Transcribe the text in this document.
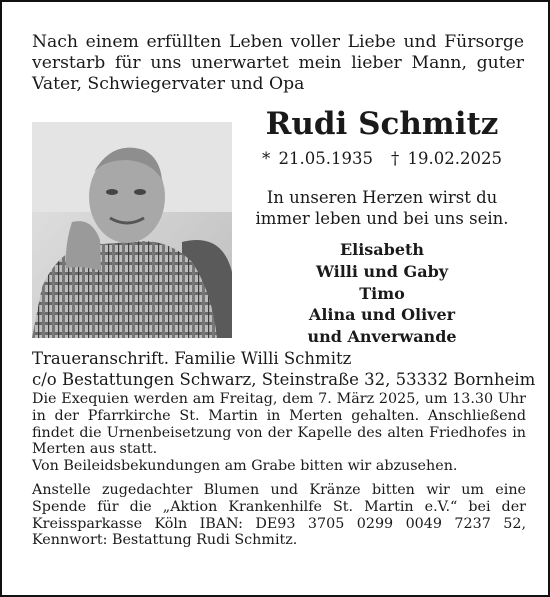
Nach einem erfüllten Leben voller Liebe und Fürsorge verstarb für uns unerwartet mein lieber Mann, guter Vater, Schwiegervater und Opa
Rudi Schmitz
* 21.05.1935 † 19.02.2025
In unseren Herzen wirst du
immer leben und bei uns sein.
Elisabeth
Willi und Gaby
Timo
Alina und Oliver
und Anverwande
Traueranschrift. Familie Willi Schmitz
c/o Bestattungen Schwarz, Steinstraße 32, 53332 Bornheim

Die Exequien werden am Freitag, dem 7. März 2025, um 13.30 Uhr in der Pfarrkirche St. Martin in Merten gehalten. Anschließend findet die Urnenbeisetzung von der Kapelle des alten Friedhofes in Merten aus statt.

Von Beileidsbekundungen am Grabe bitten wir abzusehen.

Anstelle zugedachter Blumen und Kränze bitten wir um eine Spende für die „Aktion Krankenhilfe St. Martin e.V.“ bei der Kreissparkasse Köln IBAN: DE93 3705 0299 0049 7237 52, Kennwort: Bestattung Rudi Schmitz.
